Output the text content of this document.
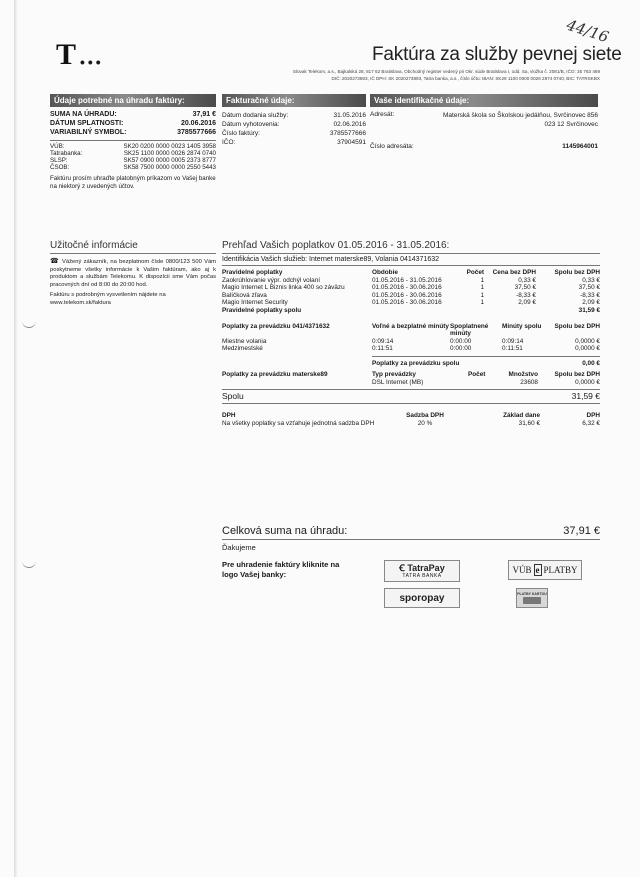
T •••	Faktúra za služby pevnej siete
44/16
Slovak Telekom, a.s., Bajkalská 28, 817 62 Bratislava, Obchodný register vedený pri Okr. súde Bratislava I, odd. Sa, vložka č. 2081/B, IČO: 35 763 469
DIČ: 2020273893, IČ DPH: SK 2020273893, Tatra banka, a.s., číslo účtu: IBAN: SK29 1100 0000 0026 2874 0740, BIC: TATRSKBX
Údaje potrebné na úhradu faktúry:
SUMA NA ÚHRADU:	37,91 €
DÁTUM SPLATNOSTI:	20.06.2016
VARIABILNÝ SYMBOL:	3785577666
VÚB:	SK20 0200 0000 0023 1405 3958
Tatrabanka:	SK25 1100 0000 0026 2874 0740
SLSP:	SK57 0900 0000 0005 2373 8777
ČSOB:	SK58 7500 0000 0000 2550 5443
Faktúru prosím uhraďte platobným príkazom vo Vašej banke na niektorý z uvedených účtov.
Fakturačné údaje:
Dátum dodania služby:	31.05.2016
Dátum vyhotovenia:	02.06.2016
Číslo faktúry:	3785577666
IČO:	37904591
Vaše identifikačné údaje:
Adresát:	Materská škola so Školskou jedálňou, Svrčinovec 856
023 12 Svrčinovec
Číslo adresáta:	1145964001
Užitočné informácie
☎ Vážený zákazník, na bezplatnom čísle 0800/123 500 Vám poskytneme všetky informácie k Vašim faktúram, ako aj k produktom a službám Telekomu. K dispozícii sme Vám počas pracovných dní od 8:00 do 20:00 hod.
Faktúru s podrobným vysvetlením nájdete na www.telekom.sk/faktura
Prehľad Vašich poplatkov 01.05.2016 - 31.05.2016:
Identifikácia Vašich služieb: Internet materske89, Volania 0414371632
Pravidelné poplatky	Obdobie	Počet	Cena bez DPH	Spolu bez DPH
Zaokrúhlovanie výpr. odchýl volaní	01.05.2016 - 31.05.2016	1	0,33 €	0,33 €
Magio Internet L Biznis linka 400 so záväzu	01.05.2016 - 30.06.2016	1	37,50 €	37,50 €
Balíčková zľava	01.05.2016 - 30.06.2016	1	-8,33 €	-8,33 €
Magio Internet Security	01.05.2016 - 30.06.2016	1	2,09 €	2,09 €
Pravidelné poplatky spolu				31,59 €
Poplatky za prevádzku 041/4371632	Voľné a bezplatné minúty	Spoplatnené minúty	Minúty spolu	Spolu bez DPH
Miestne volania	0:09:14	0:00:00	0:09:14	0,0000 €
Medzimestské	0:11:51	0:00:00	0:11:51	0,0000 €
Poplatky za prevádzku spolu	0,00 €
Poplatky za prevádzku materske89	Typ prevádzky	Počet	Množstvo	Spolu bez DPH
	DSL Internet (MB)		23608	0,0000 €
Spolu	31,59 €
DPH	Sadzba DPH	Základ dane	DPH
Na všetky poplatky sa vzťahuje jednotná sadzba DPH	20 %	31,60 €	6,32 €
Celková suma na úhradu:	37,91 €
Ďakujeme
Pre uhradenie faktúry kliknite na logo Vašej banky:
Ꞓ TatraPay
TATRA BANKA
VÚB e PLATBY
sporopay	PLATBY KARTOU
